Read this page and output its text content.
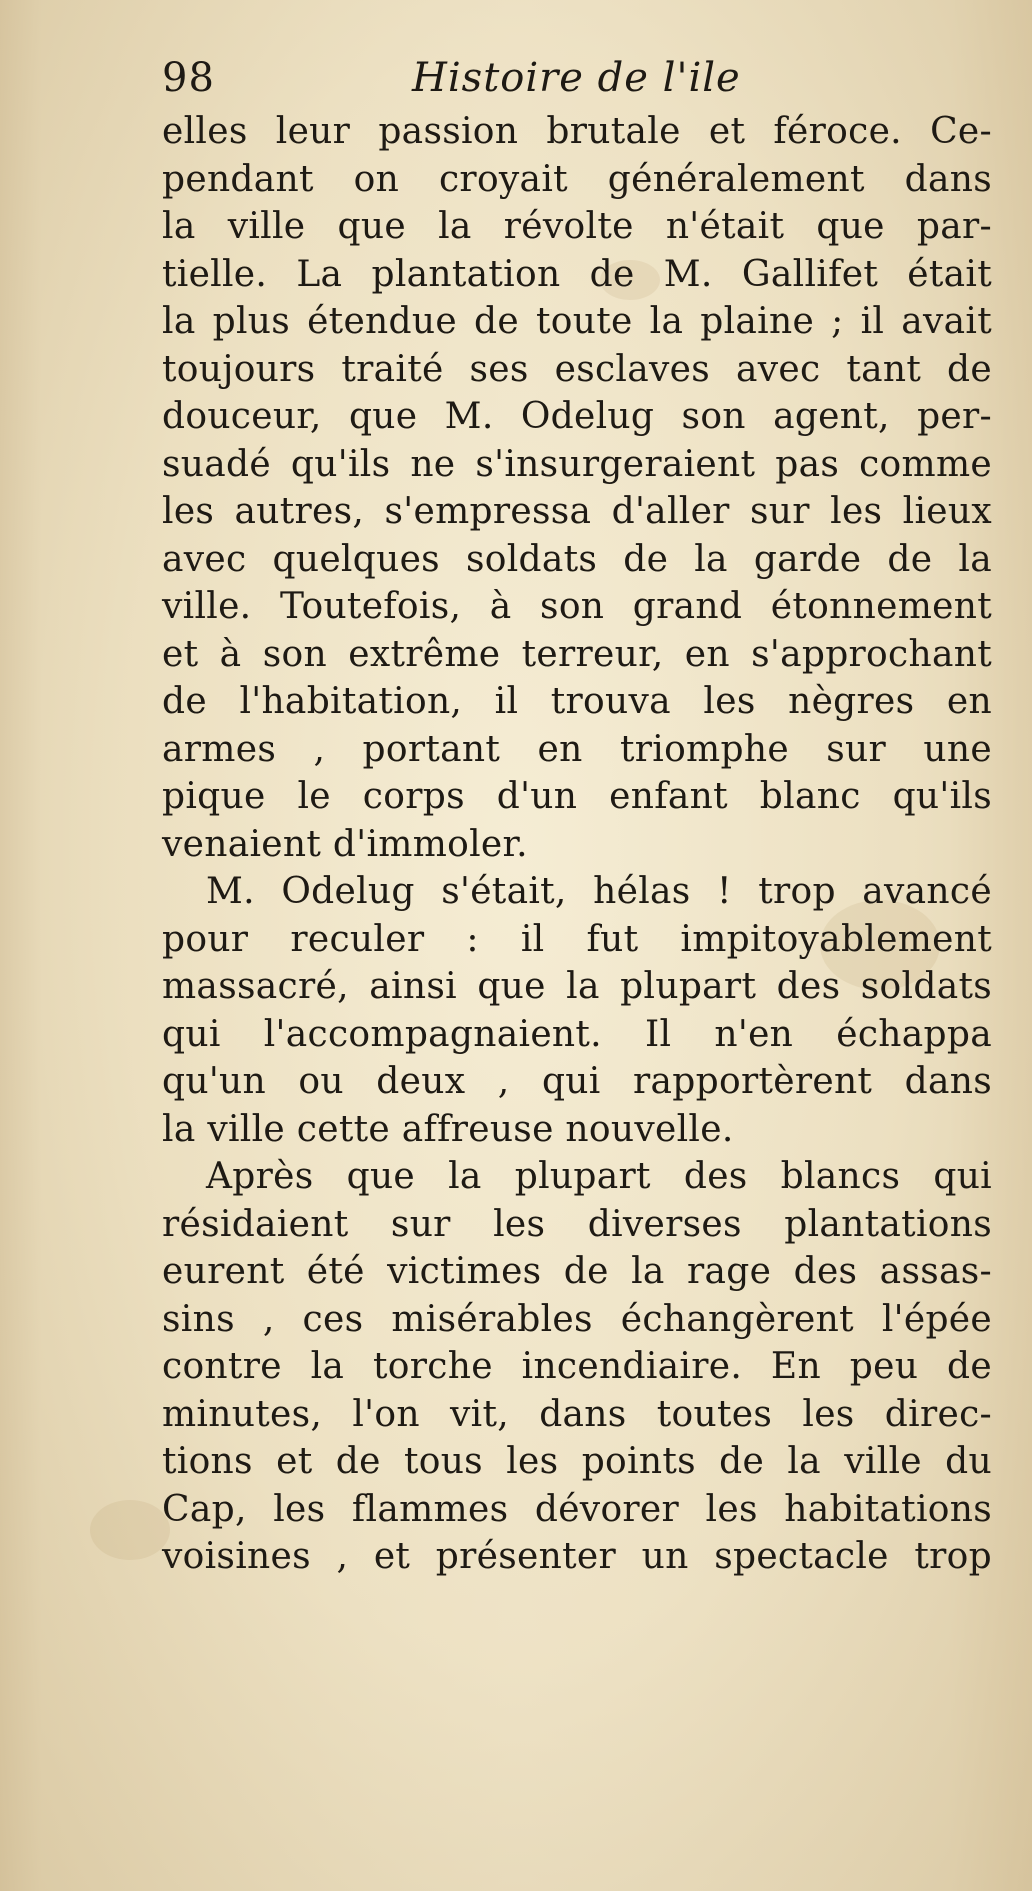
98	Histoire de l'ile
elles leur passion brutale et féroce. Ce-
pendant on croyait généralement dans
la ville que la révolte n'était que par-
tielle. La plantation de M. Gallifet était
la plus étendue de toute la plaine ; il avait
toujours traité ses esclaves avec tant de
douceur, que M. Odelug son agent, per-
suadé qu'ils ne s'insurgeraient pas comme
les autres, s'empressa d'aller sur les lieux
avec quelques soldats de la garde de la
ville. Toutefois, à son grand étonnement
et à son extrême terreur, en s'approchant
de l'habitation, il trouva les nègres en
armes , portant en triomphe sur une
pique le corps d'un enfant blanc qu'ils
venaient d'immoler.
M. Odelug s'était, hélas ! trop avancé
pour reculer : il fut impitoyablement
massacré, ainsi que la plupart des soldats
qui l'accompagnaient. Il n'en échappa
qu'un ou deux , qui rapportèrent dans
la ville cette affreuse nouvelle.
Après que la plupart des blancs qui
résidaient sur les diverses plantations
eurent été victimes de la rage des assas-
sins , ces misérables échangèrent l'épée
contre la torche incendiaire. En peu de
minutes, l'on vit, dans toutes les direc-
tions et de tous les points de la ville du
Cap, les flammes dévorer les habitations
voisines , et présenter un spectacle trop
